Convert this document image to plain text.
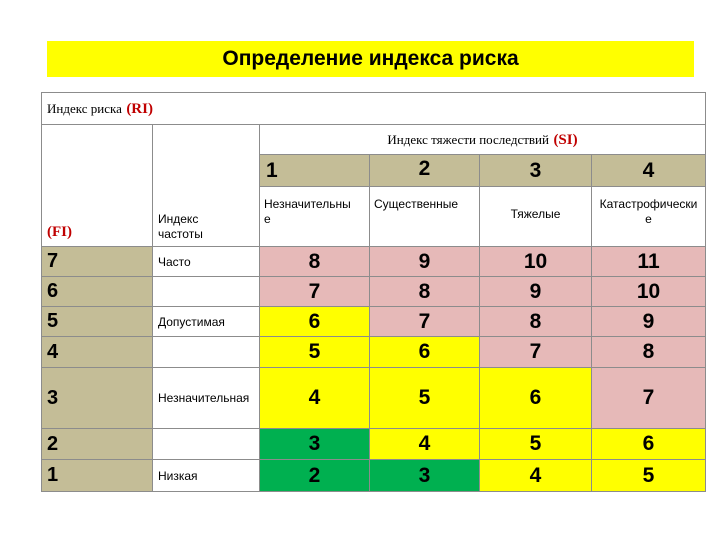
Определение индекса риска
Индекс риска (RI)					
(FI)	Индекс частоты	Индекс тяжести последствий (SI)			
		1	2	3	4

		Незначительные	Существенные	Тяжелые	Катастрофические

7	Часто	8	9	10	11
6		7	8	9	10
5	Допустимая	6	7	8	9
4		5	6	7	8
3	Незначительная	4	5	6	7
2		3	4	5	6
1	Низкая	2	3	4	5
